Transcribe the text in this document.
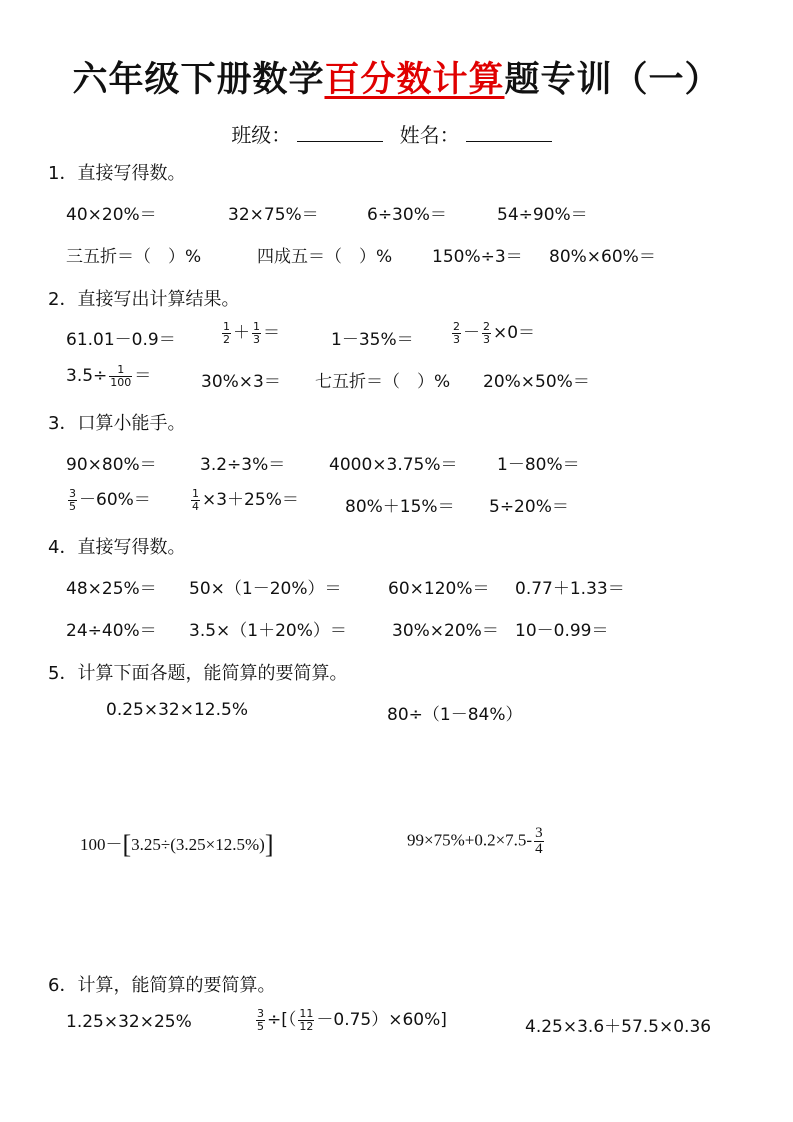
六年级下册数学百分数计算题专训（一）
班级：	姓名：
1．直接写得数。
40×20%＝	32×75%＝	6÷30%＝	54÷90%＝
三五折＝（　）%	四成五＝（　）% 150%÷3＝ 80%×60%＝
2．直接写出计算结果。
61.01－0.9＝	$\frac{1}{2} + \frac{1}{3}$ ＝	1－35%＝	$\frac{2}{3} - \frac{2}{3} \times 0=$
$3.5\div \frac{1}{100}$ ＝	30%×3＝ 七五折＝（　）% 20%×50%＝
3．口算小能手。
90×80%＝	3.2÷3%＝	4000×3.75%＝ 1－80%＝
$\frac{3}{5} -60\%=$	$\frac{1}{4} \times 3+25\%=$	80%＋15%＝ 5÷20%＝
4．直接写得数。
48×25%＝ 50×（1－20%）＝	60×120%＝ 0.77＋1.33＝
24÷40%＝ 3.5×（1＋20%）＝	30%×20%＝ 10－0.99＝
5．计算下面各题，能简算的要简算。
0.25×32×12.5%	80÷（1－84%）
100－[3.25÷(3.25×12.5%)]	$99\times 75\%+0.2\times 7.5- \frac{3}{4}$
6．计算，能简算的要简算。
1.25×32×25%	$\frac{3}{5}$ ÷[（ $\frac{11}{12} -0.75)\times 60\%$]	4.25×3.6＋57.5×0.36
